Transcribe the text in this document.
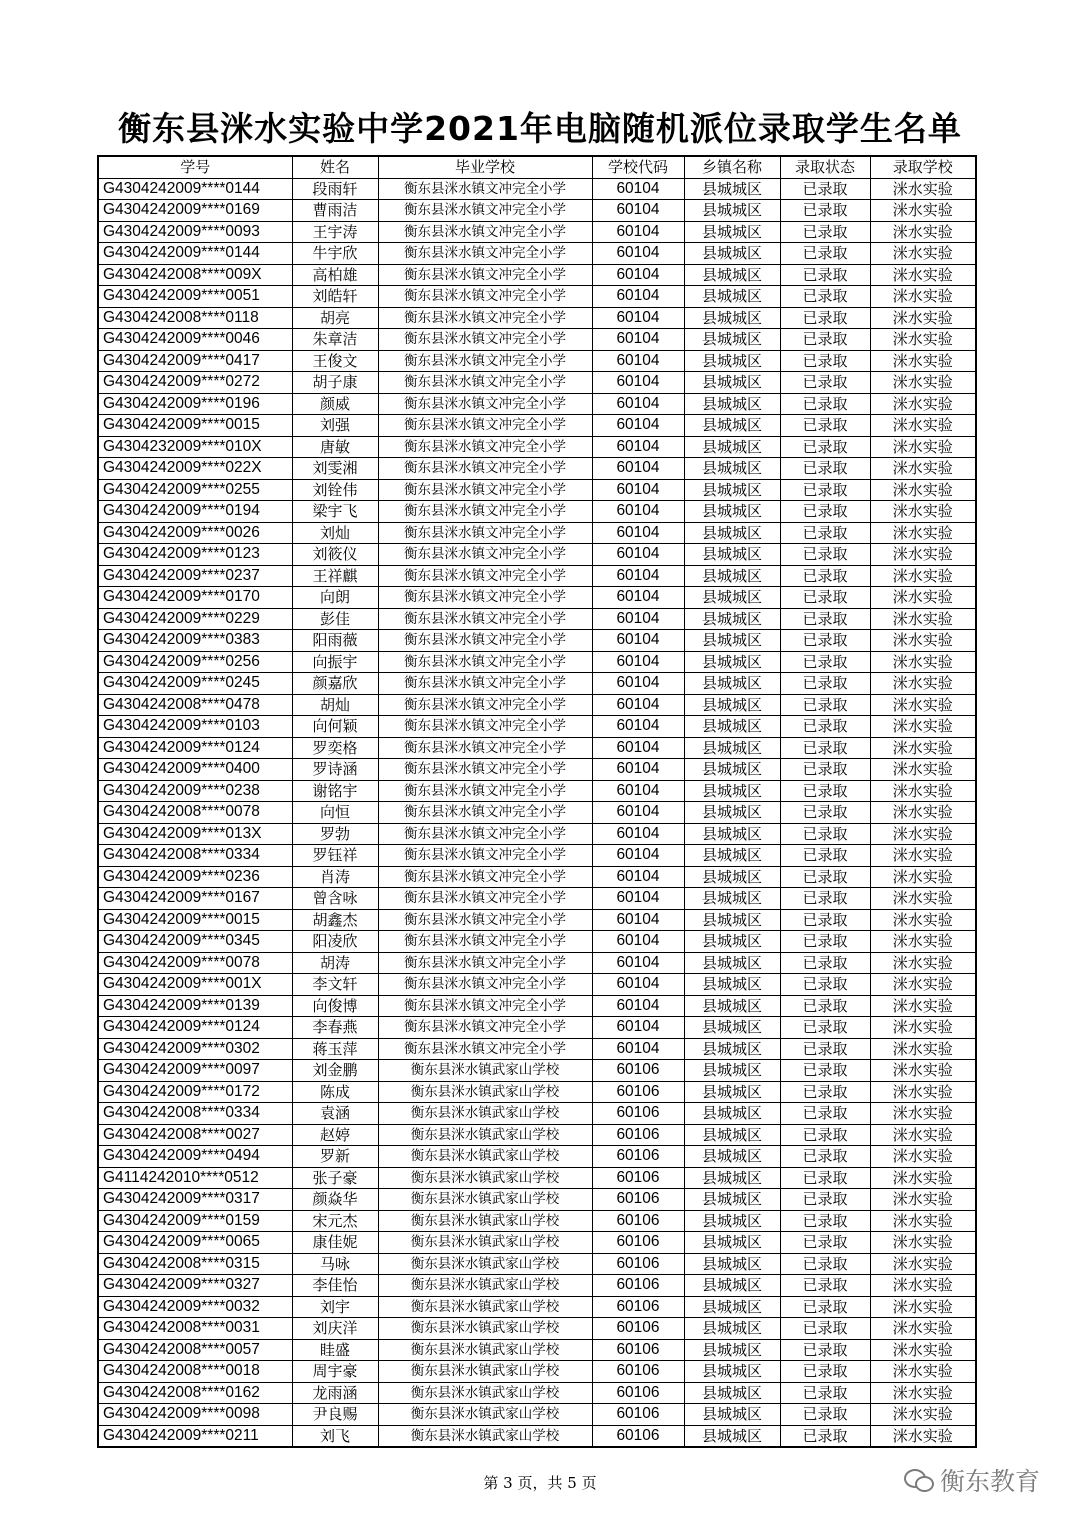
衡东县洣水实验中学2021年电脑随机派位录取学生名单
学号	姓名	毕业学校	学校代码	乡镇名称	录取状态	录取学校
G4304242009****0144	段雨轩	衡东县洣水镇文冲完全小学	60104	县城城区	已录取	洣水实验
G4304242009****0169	曹雨洁	衡东县洣水镇文冲完全小学	60104	县城城区	已录取	洣水实验
G4304242009****0093	王宇涛	衡东县洣水镇文冲完全小学	60104	县城城区	已录取	洣水实验
G4304242009****0144	牛宇欣	衡东县洣水镇文冲完全小学	60104	县城城区	已录取	洣水实验
G4304242008****009X	高柏雄	衡东县洣水镇文冲完全小学	60104	县城城区	已录取	洣水实验
G4304242009****0051	刘皓轩	衡东县洣水镇文冲完全小学	60104	县城城区	已录取	洣水实验
G4304242008****0118	胡亮	衡东县洣水镇文冲完全小学	60104	县城城区	已录取	洣水实验
G4304242009****0046	朱章洁	衡东县洣水镇文冲完全小学	60104	县城城区	已录取	洣水实验
G4304242009****0417	王俊文	衡东县洣水镇文冲完全小学	60104	县城城区	已录取	洣水实验
G4304242009****0272	胡子康	衡东县洣水镇文冲完全小学	60104	县城城区	已录取	洣水实验
G4304242009****0196	颜威	衡东县洣水镇文冲完全小学	60104	县城城区	已录取	洣水实验
G4304242009****0015	刘强	衡东县洣水镇文冲完全小学	60104	县城城区	已录取	洣水实验
G4304232009****010X	唐敏	衡东县洣水镇文冲完全小学	60104	县城城区	已录取	洣水实验
G4304242009****022X	刘雯湘	衡东县洣水镇文冲完全小学	60104	县城城区	已录取	洣水实验
G4304242009****0255	刘铨伟	衡东县洣水镇文冲完全小学	60104	县城城区	已录取	洣水实验
G4304242009****0194	梁宇飞	衡东县洣水镇文冲完全小学	60104	县城城区	已录取	洣水实验
G4304242009****0026	刘灿	衡东县洣水镇文冲完全小学	60104	县城城区	已录取	洣水实验
G4304242009****0123	刘筱仪	衡东县洣水镇文冲完全小学	60104	县城城区	已录取	洣水实验
G4304242009****0237	王祥麒	衡东县洣水镇文冲完全小学	60104	县城城区	已录取	洣水实验
G4304242009****0170	向朗	衡东县洣水镇文冲完全小学	60104	县城城区	已录取	洣水实验
G4304242009****0229	彭佳	衡东县洣水镇文冲完全小学	60104	县城城区	已录取	洣水实验
G4304242009****0383	阳雨薇	衡东县洣水镇文冲完全小学	60104	县城城区	已录取	洣水实验
G4304242009****0256	向振宇	衡东县洣水镇文冲完全小学	60104	县城城区	已录取	洣水实验
G4304242009****0245	颜嘉欣	衡东县洣水镇文冲完全小学	60104	县城城区	已录取	洣水实验
G4304242008****0478	胡灿	衡东县洣水镇文冲完全小学	60104	县城城区	已录取	洣水实验
G4304242009****0103	向何颖	衡东县洣水镇文冲完全小学	60104	县城城区	已录取	洣水实验
G4304242009****0124	罗奕格	衡东县洣水镇文冲完全小学	60104	县城城区	已录取	洣水实验
G4304242009****0400	罗诗涵	衡东县洣水镇文冲完全小学	60104	县城城区	已录取	洣水实验
G4304242009****0238	谢铭宇	衡东县洣水镇文冲完全小学	60104	县城城区	已录取	洣水实验
G4304242008****0078	向恒	衡东县洣水镇文冲完全小学	60104	县城城区	已录取	洣水实验
G4304242009****013X	罗勃	衡东县洣水镇文冲完全小学	60104	县城城区	已录取	洣水实验
G4304242008****0334	罗钰祥	衡东县洣水镇文冲完全小学	60104	县城城区	已录取	洣水实验
G4304242009****0236	肖涛	衡东县洣水镇文冲完全小学	60104	县城城区	已录取	洣水实验
G4304242009****0167	曾含咏	衡东县洣水镇文冲完全小学	60104	县城城区	已录取	洣水实验
G4304242009****0015	胡鑫杰	衡东县洣水镇文冲完全小学	60104	县城城区	已录取	洣水实验
G4304242009****0345	阳凌欣	衡东县洣水镇文冲完全小学	60104	县城城区	已录取	洣水实验
G4304242009****0078	胡涛	衡东县洣水镇文冲完全小学	60104	县城城区	已录取	洣水实验
G4304242009****001X	李文轩	衡东县洣水镇文冲完全小学	60104	县城城区	已录取	洣水实验
G4304242009****0139	向俊博	衡东县洣水镇文冲完全小学	60104	县城城区	已录取	洣水实验
G4304242009****0124	李春燕	衡东县洣水镇文冲完全小学	60104	县城城区	已录取	洣水实验
G4304242009****0302	蒋玉萍	衡东县洣水镇文冲完全小学	60104	县城城区	已录取	洣水实验
G4304242009****0097	刘金鹏	衡东县洣水镇武家山学校	60106	县城城区	已录取	洣水实验
G4304242009****0172	陈成	衡东县洣水镇武家山学校	60106	县城城区	已录取	洣水实验
G4304242008****0334	袁涵	衡东县洣水镇武家山学校	60106	县城城区	已录取	洣水实验
G4304242008****0027	赵婷	衡东县洣水镇武家山学校	60106	县城城区	已录取	洣水实验
G4304242009****0494	罗新	衡东县洣水镇武家山学校	60106	县城城区	已录取	洣水实验
G4114242010****0512	张子豪	衡东县洣水镇武家山学校	60106	县城城区	已录取	洣水实验
G4304242009****0317	颜焱华	衡东县洣水镇武家山学校	60106	县城城区	已录取	洣水实验
G4304242009****0159	宋元杰	衡东县洣水镇武家山学校	60106	县城城区	已录取	洣水实验
G4304242009****0065	康佳妮	衡东县洣水镇武家山学校	60106	县城城区	已录取	洣水实验
G4304242008****0315	马咏	衡东县洣水镇武家山学校	60106	县城城区	已录取	洣水实验
G4304242009****0327	李佳怡	衡东县洣水镇武家山学校	60106	县城城区	已录取	洣水实验
G4304242009****0032	刘宇	衡东县洣水镇武家山学校	60106	县城城区	已录取	洣水实验
G4304242008****0031	刘庆洋	衡东县洣水镇武家山学校	60106	县城城区	已录取	洣水实验
G4304242008****0057	眭盛	衡东县洣水镇武家山学校	60106	县城城区	已录取	洣水实验
G4304242008****0018	周宇豪	衡东县洣水镇武家山学校	60106	县城城区	已录取	洣水实验
G4304242008****0162	龙雨涵	衡东县洣水镇武家山学校	60106	县城城区	已录取	洣水实验
G4304242009****0098	尹良赐	衡东县洣水镇武家山学校	60106	县城城区	已录取	洣水实验
G4304242009****0211	刘飞	衡东县洣水镇武家山学校	60106	县城城区	已录取	洣水实验
第 3 页，共 5 页	衡东教育
